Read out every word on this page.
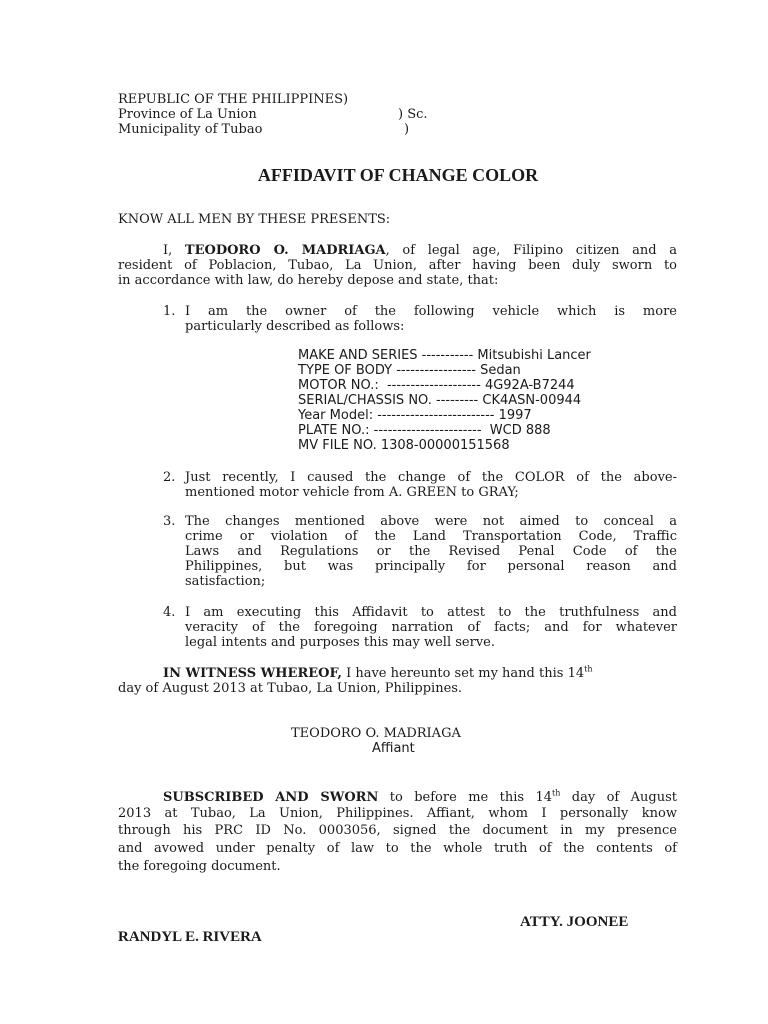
REPUBLIC OF THE PHILIPPINES)
Province of La Union	) Sc.
Municipality of Tubao	)
AFFIDAVIT OF CHANGE COLOR
KNOW ALL MEN BY THESE PRESENTS:
I, TEODORO O. MADRIAGA, of legal age, Filipino citizen and a
resident of Poblacion, Tubao, La Union, after having been duly sworn to
in accordance with law, do hereby depose and state, that:
1. I am the owner of the following vehicle which is more
particularly described as follows:
MAKE AND SERIES ----------- Mitsubishi Lancer
TYPE OF BODY ----------------- Sedan
MOTOR NO.:  -------------------- 4G92A-B7244
SERIAL/CHASSIS NO. --------- CK4ASN-00944
Year Model: ------------------------- 1997
PLATE NO.: -----------------------  WCD 888
MV FILE NO. 1308-00000151568
2. Just recently, I caused the change of the COLOR of the above-
mentioned motor vehicle from A. GREEN to GRAY;
3. The changes mentioned above were not aimed to conceal a
crime or violation of the Land Transportation Code, Traffic
Laws and Regulations or the Revised Penal Code of the
Philippines, but was principally for personal reason and
satisfaction;
4. I am executing this Affidavit to attest to the truthfulness and
veracity of the foregoing narration of facts; and for whatever
legal intents and purposes this may well serve.
IN WITNESS WHEREOF, I have hereunto set my hand this 14th
day of August 2013 at Tubao, La Union, Philippines.
TEODORO O. MADRIAGA
Affiant
SUBSCRIBED AND SWORN to before me this 14th day of August
2013 at Tubao, La Union, Philippines. Affiant, whom I personally know
through his PRC ID No. 0003056, signed the document in my presence
and avowed under penalty of law to the whole truth of the contents of
the foregoing document.
ATTY. JOONEE
RANDYL E. RIVERA
